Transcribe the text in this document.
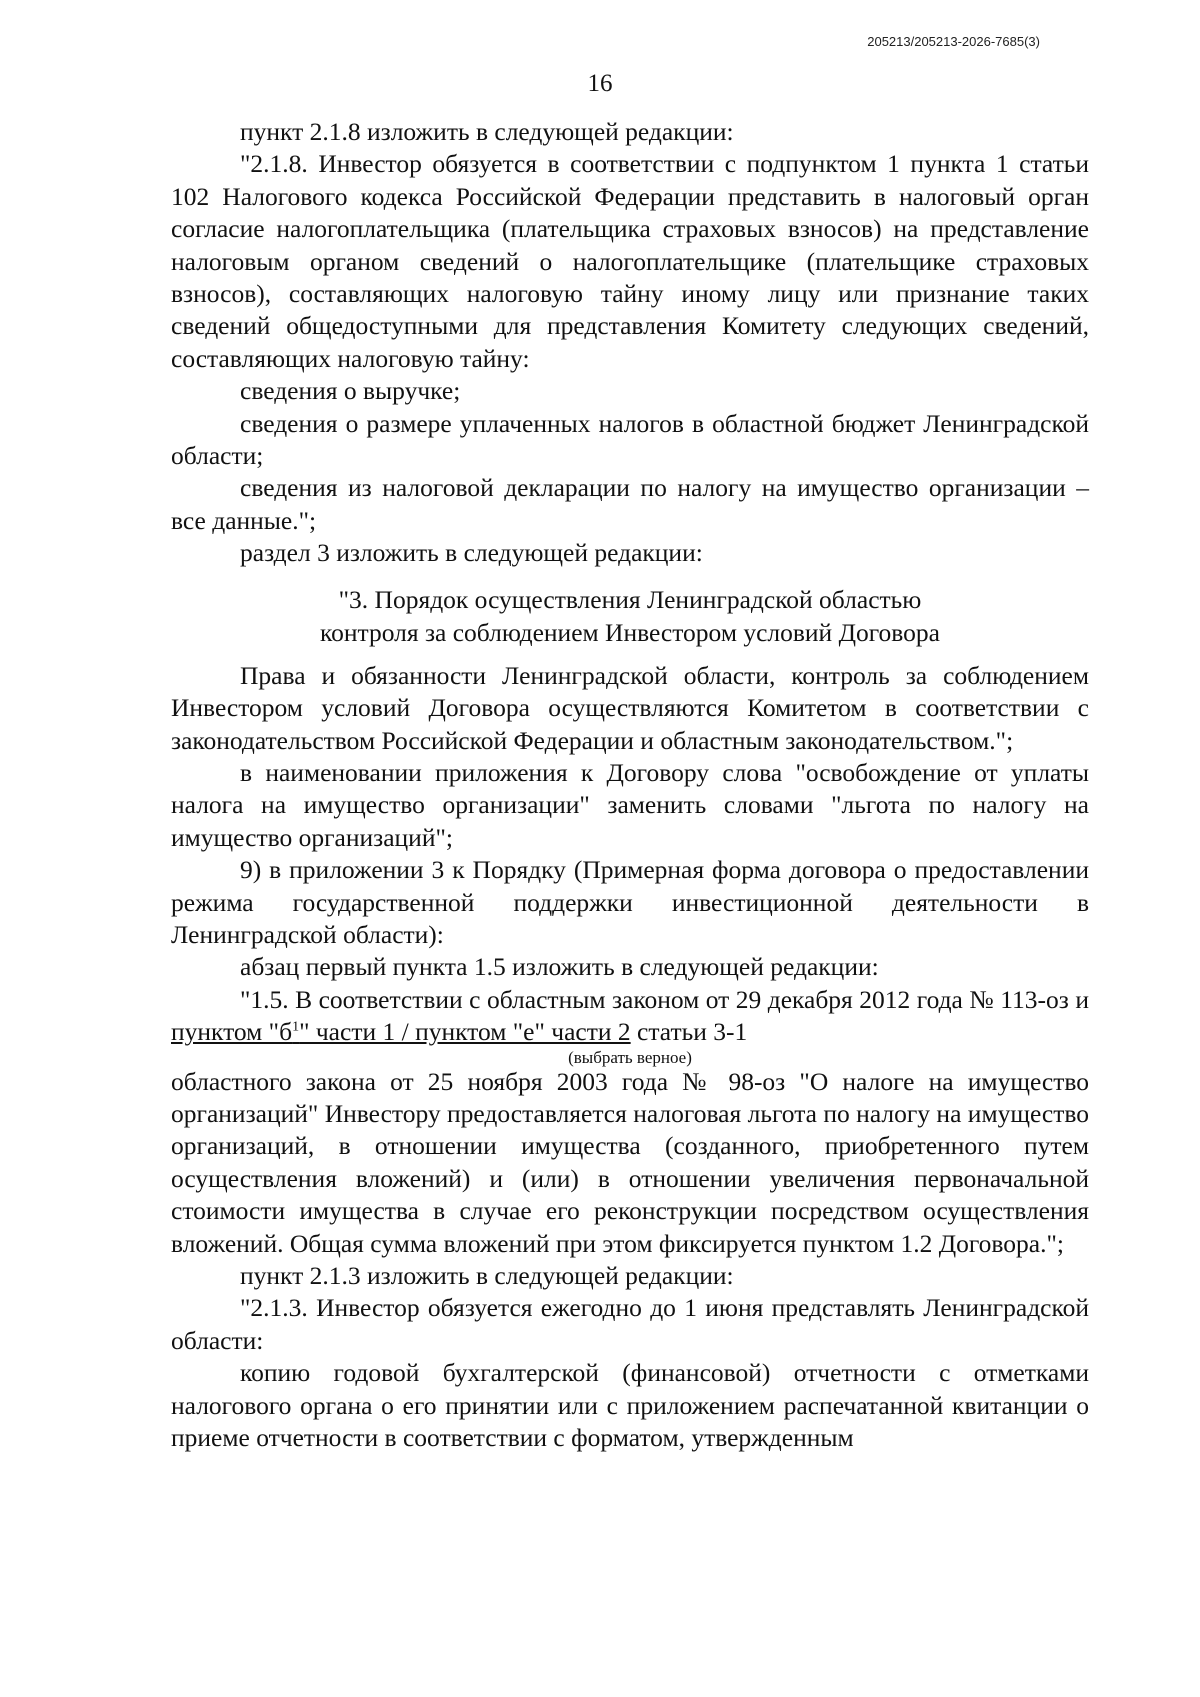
205213/205213-2026-7685(3)
16

пункт 2.1.8 изложить в следующей редакции:

"2.1.8. Инвестор обязуется в соответствии с подпунктом 1 пункта 1 статьи 102 Налогового кодекса Российской Федерации представить в налоговый орган согласие налогоплательщика (плательщика страховых взносов) на представление налоговым органом сведений о налогоплательщике (плательщике страховых взносов), составляющих налоговую тайну иному лицу или признание таких сведений общедоступными для представления Комитету следующих сведений, составляющих налоговую тайну:

сведения о выручке;

сведения о размере уплаченных налогов в областной бюджет Ленинградской области;

сведения из налоговой декларации по налогу на имущество организации – все данные.";

раздел 3 изложить в следующей редакции:

"3. Порядок осуществления Ленинградской областью
контроля за соблюдением Инвестором условий Договора

Права и обязанности Ленинградской области, контроль за соблюдением Инвестором условий Договора осуществляются Комитетом в соответствии с законодательством Российской Федерации и областным законодательством.";

в наименовании приложения к Договору слова "освобождение от уплаты налога на имущество организации" заменить словами "льгота по налогу на имущество организаций";

9) в приложении 3 к Порядку (Примерная форма договора о предоставлении режима государственной поддержки инвестиционной деятельности в Ленинградской области):

абзац первый пункта 1.5 изложить в следующей редакции:

"1.5. В соответствии с областным законом от 29 декабря 2012 года № 113-оз и пунктом "$б^1$" части 1 / пунктом "е" части 2 статьи 3-1

(выбрать верное)

областного закона от 25 ноября 2003 года № 98-оз "О налоге на имущество организаций" Инвестору предоставляется налоговая льгота по налогу на имущество организаций, в отношении имущества (созданного, приобретенного путем осуществления вложений) и (или) в отношении увеличения первоначальной стоимости имущества в случае его реконструкции посредством осуществления вложений. Общая сумма вложений при этом фиксируется пунктом 1.2 Договора.";

пункт 2.1.3 изложить в следующей редакции:

"2.1.3. Инвестор обязуется ежегодно до 1 июня представлять Ленинградской области:

копию годовой бухгалтерской (финансовой) отчетности с отметками налогового органа о его принятии или с приложением распечатанной квитанции о приеме отчетности в соответствии с форматом, утвержденным
